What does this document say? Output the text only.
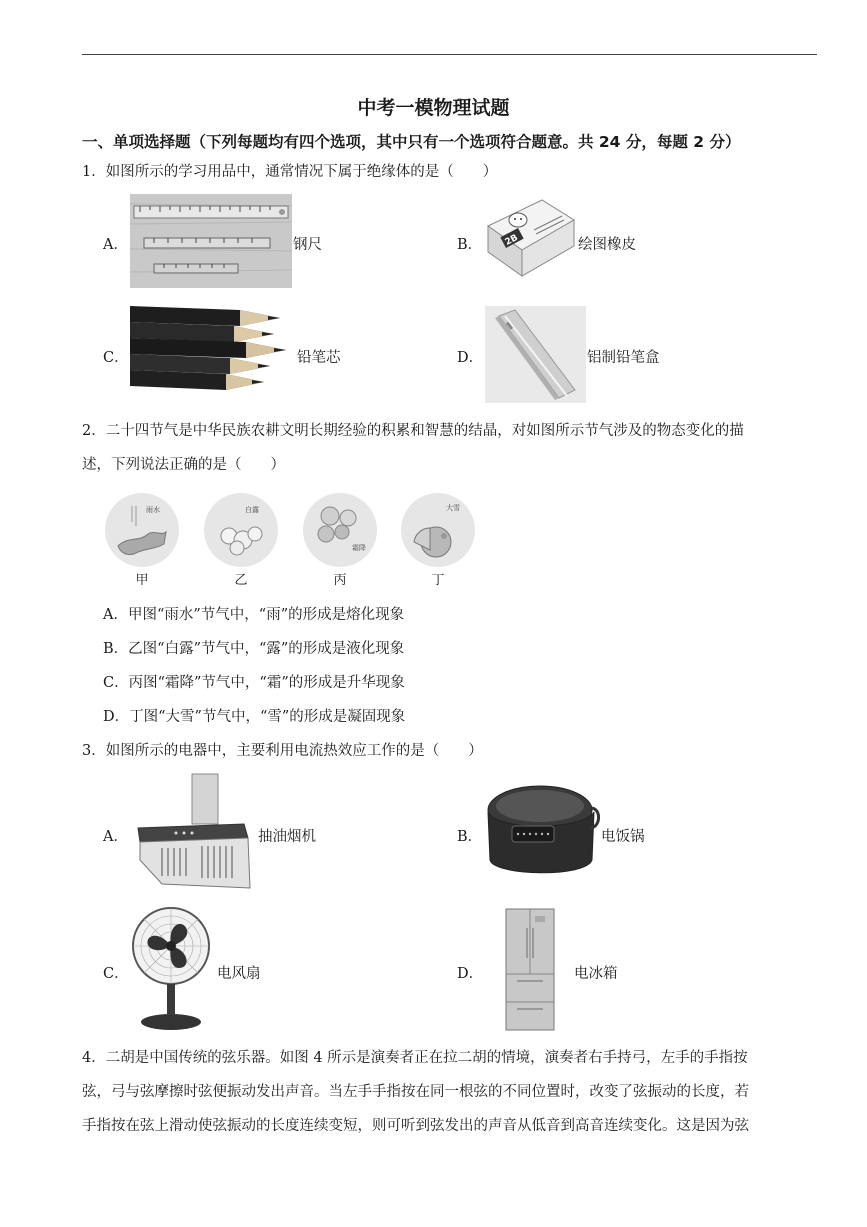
中考一模物理试题
一、单项选择题（下列每题均有四个选项，其中只有一个选项符合题意。共 24 分，每题 2 分）
1．如图所示的学习用品中，通常情况下属于绝缘体的是（　　）
A．	钢尺	B． 2B	绘图橡皮
C．	铅笔芯	D．	铝制铅笔盒
2．二十四节气是中华民族农耕文明长期经验的积累和智慧的结晶，对如图所示节气涉及的物态变化的描
述，下列说法正确的是（　　）
雨水
甲
白露
乙
霜降
丙
大雪
丁
A．甲图“雨水”节气中，“雨”的形成是熔化现象
B．乙图“白露”节气中，“露”的形成是液化现象
C．丙图“霜降”节气中，“霜”的形成是升华现象
D．丁图“大雪”节气中，“雪”的形成是凝固现象
3．如图所示的电器中，主要利用电流热效应工作的是（　　）
A．	抽油烟机	B．	电饭锅
C．	电风扇	D．	电冰箱
4．二胡是中国传统的弦乐器。如图 4 所示是演奏者正在拉二胡的情境，演奏者右手持弓，左手的手指按
弦，弓与弦摩擦时弦便振动发出声音。当左手手指按在同一根弦的不同位置时，改变了弦振动的长度，若
手指按在弦上滑动使弦振动的长度连续变短，则可听到弦发出的声音从低音到高音连续变化。这是因为弦
